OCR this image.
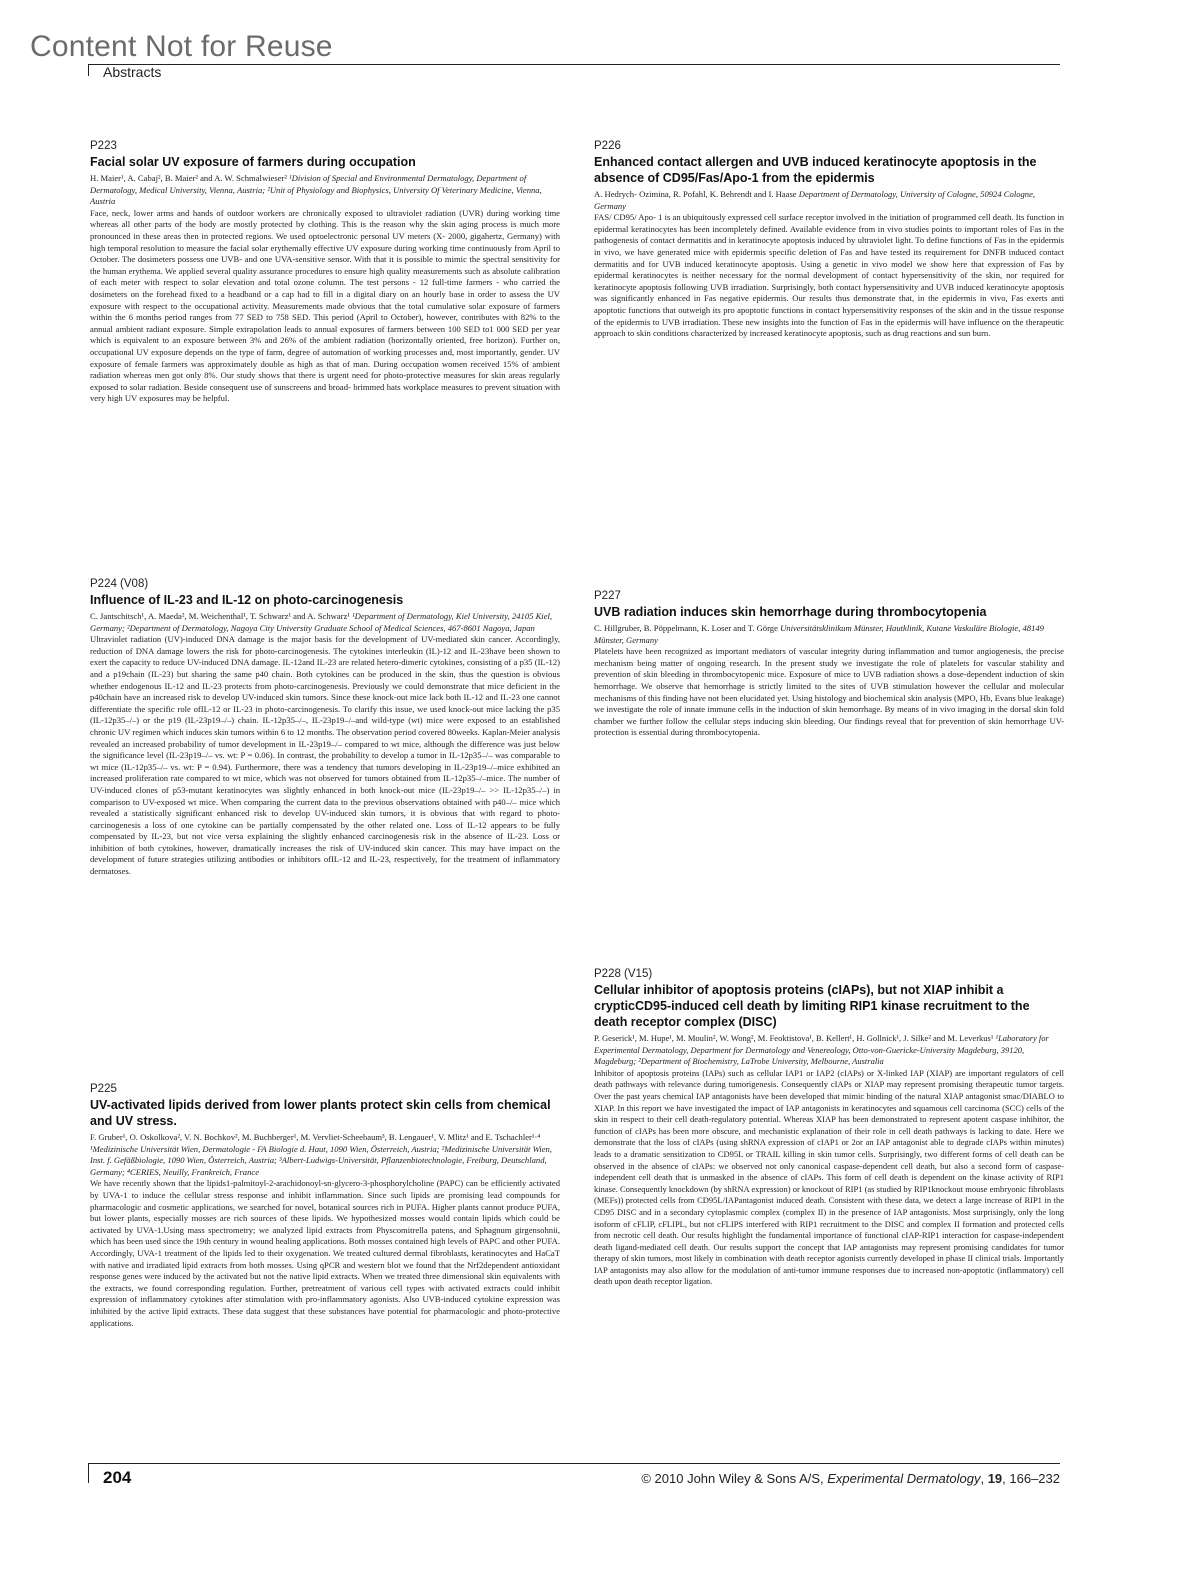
Content Not for Reuse
Abstracts
P223
Facial solar UV exposure of farmers during occupation
H. Maier¹, A. Cabaj², B. Maier² and A. W. Schmalwieser² ¹Division of Special and Environmental Dermatology, Department of Dermatology, Medical University, Vienna, Austria; ²Unit of Physiology and Biophysics, University Of Veterinary Medicine, Vienna, Austria
Face, neck, lower arms and hands of outdoor workers are chronically exposed to ultraviolet radiation (UVR) during working time whereas all other parts of the body are mostly protected by clothing. This is the reason why the skin aging process is much more pronounced in these areas then in protected regions. We used optoelectronic personal UV meters (X- 2000, gigahertz, Germany) with high temporal resolution to measure the facial solar erythemally effective UV exposure during working time continuously from April to October. The dosimeters possess one UVB- and one UVA-sensitive sensor. With that it is possible to mimic the spectral sensitivity for the human erythema. We applied several quality assurance procedures to ensure high quality measurements such as absolute calibration of each meter with respect to solar elevation and total ozone column. The test persons - 12 full-time farmers - who carried the dosimeters on the forehead fixed to a headband or a cap had to fill in a digital diary on an hourly base in order to assess the UV exposure with respect to the occupational activity. Measurements made obvious that the total cumulative solar exposure of farmers within the 6 months period ranges from 77 SED to 758 SED. This period (April to October), however, contributes with 82% to the annual ambient radiant exposure. Simple extrapolation leads to annual exposures of farmers between 100 SED to1 000 SED per year which is equivalent to an exposure between 3% and 26% of the ambient radiation (horizontally oriented, free horizon). Further on, occupational UV exposure depends on the type of farm, degree of automation of working processes and, most importantly, gender. UV exposure of female farmers was approximately double as high as that of man. During occupation women received 15% of ambient radiation whereas men got only 8%. Our study shows that there is urgent need for photo-protective measures for skin areas regularly exposed to solar radiation. Beside consequent use of sunscreens and broad- brimmed hats workplace measures to prevent situation with very high UV exposures may be helpful.
P224 (V08)
Influence of IL-23 and IL-12 on photo-carcinogenesis
C. Jantschitsch¹, A. Maeda², M. Weichenthal¹, T. Schwarz¹ and A. Schwarz¹ ¹Department of Dermatology, Kiel University, 24105 Kiel, Germany; ²Department of Dermatology, Nagoya City University Graduate School of Medical Sciences, 467-8601 Nagoya, Japan
Ultraviolet radiation (UV)-induced DNA damage is the major basis for the development of UV-mediated skin cancer. Accordingly, reduction of DNA damage lowers the risk for photo-carcinogenesis. The cytokines interleukin (IL)-12 and IL-23have been shown to exert the capacity to reduce UV-induced DNA damage. IL-12and IL-23 are related hetero-dimeric cytokines, consisting of a p35 (IL-12) and a p19chain (IL-23) but sharing the same p40 chain. Both cytokines can be produced in the skin, thus the question is obvious whether endogenous IL-12 and IL-23 protects from photo-carcinogenesis. Previously we could demonstrate that mice deficient in the p40chain have an increased risk to develop UV-induced skin tumors. Since these knock-out mice lack both IL-12 and IL-23 one cannot differentiate the specific role ofIL-12 or IL-23 in photo-carcinogenesis. To clarify this issue, we used knock-out mice lacking the p35 (IL-12p35–/–) or the p19 (IL-23p19–/–) chain. IL-12p35–/–, IL-23p19–/–and wild-type (wt) mice were exposed to an established chronic UV regimen which induces skin tumors within 6 to 12 months. The observation period covered 80weeks. Kaplan-Meier analysis revealed an increased probability of tumor development in IL-23p19–/– compared to wt mice, although the difference was just below the significance level (IL-23p19–/– vs. wt: P = 0.06). In contrast, the probability to develop a tumor in IL-12p35–/– was comparable to wt mice (IL-12p35–/– vs. wt: P = 0.94). Furthermore, there was a tendency that tumors developing in IL-23p19–/–mice exhibited an increased proliferation rate compared to wt mice, which was not observed for tumors obtained from IL-12p35–/–mice. The number of UV-induced clones of p53-mutant keratinocytes was slightly enhanced in both knock-out mice (IL-23p19–/– >> IL-12p35–/–) in comparison to UV-exposed wt mice. When comparing the current data to the previous observations obtained with p40–/– mice which revealed a statistically significant enhanced risk to develop UV-induced skin tumors, it is obvious that with regard to photo-carcinogenesis a loss of one cytokine can be partially compensated by the other related one. Loss of IL-12 appears to be fully compensated by IL-23, but not vice versa explaining the slightly enhanced carcinogenesis risk in the absence of IL-23. Loss or inhibition of both cytokines, however, dramatically increases the risk of UV-induced skin cancer. This may have impact on the development of future strategies utilizing antibodies or inhibitors ofIL-12 and IL-23, respectively, for the treatment of inflammatory dermatoses.
P225
UV-activated lipids derived from lower plants protect skin cells from chemical and UV stress.
F. Gruber¹, O. Oskolkova², V. N. Bochkov², M. Buchberger¹, M. Vervliet-Scheebaum³, B. Lengauer¹, V. Mlitz¹ and E. Tschachler¹·⁴ ¹Medizinische Universität Wien, Dermatologie - FA Biologie d. Haut, 1090 Wien, Österreich, Austria; ²Medizinische Universität Wien, Inst. f. Gefäßbiologie, 1090 Wien, Österreich, Austria; ³Albert-Ludwigs-Universität, Pflanzenbiotechnologie, Freiburg, Deutschland, Germany; ⁴CERIES, Neuilly, Frankreich, France
We have recently shown that the lipids1-palmitoyl-2-arachidonoyl-sn-glycero-3-phosphorylcholine (PAPC) can be efficiently activated by UVA-1 to induce the cellular stress response and inhibit inflammation. Since such lipids are promising lead compounds for pharmacologic and cosmetic applications, we searched for novel, botanical sources rich in PUFA. Higher plants cannot produce PUFA, but lower plants, especially mosses are rich sources of these lipids. We hypothesized mosses would contain lipids which could be activated by UVA-1.Using mass spectrometry; we analyzed lipid extracts from Physcomitrella patens, and Sphagnum girgensohnii, which has been used since the 19th century in wound healing applications. Both mosses contained high levels of PAPC and other PUFA. Accordingly, UVA-1 treatment of the lipids led to their oxygenation. We treated cultured dermal fibroblasts, keratinocytes and HaCaT with native and irradiated lipid extracts from both mosses. Using qPCR and western blot we found that the Nrf2dependent antioxidant response genes were induced by the activated but not the native lipid extracts. When we treated three dimensional skin equivalents with the extracts, we found corresponding regulation. Further, pretreatment of various cell types with activated extracts could inhibit expression of inflammatory cytokines after stimulation with pro-inflammatory agonists. Also UVB-induced cytokine expression was inhibited by the active lipid extracts. These data suggest that these substances have potential for pharmacologic and photo-protective applications.
P226
Enhanced contact allergen and UVB induced keratinocyte apoptosis in the absence of CD95/Fas/Apo-1 from the epidermis
A. Hedrych- Ozimina, R. Pofahl, K. Behrendt and I. Haase Department of Dermatology, University of Cologne, 50924 Cologne, Germany
FAS/ CD95/ Apo- 1 is an ubiquitously expressed cell surface receptor involved in the initiation of programmed cell death. Its function in epidermal keratinocytes has been incompletely defined. Available evidence from in vivo studies points to important roles of Fas in the pathogenesis of contact dermatitis and in keratinocyte apoptosis induced by ultraviolet light. To define functions of Fas in the epidermis in vivo, we have generated mice with epidermis specific deletion of Fas and have tested its requirement for DNFB induced contact dermatitis and for UVB induced keratinocyte apoptosis. Using a genetic in vivo model we show here that expression of Fas by epidermal keratinocytes is neither necessary for the normal development of contact hypersensitivity of the skin, nor required for keratinocyte apoptosis following UVB irradiation. Surprisingly, both contact hypersensitivity and UVB induced keratinocyte apoptosis was significantly enhanced in Fas negative epidermis. Our results thus demonstrate that, in the epidermis in vivo, Fas exerts anti apoptotic functions that outweigh its pro apoptotic functions in contact hypersensitivity responses of the skin and in the tissue response of the epidermis to UVB irradiation. These new insights into the function of Fas in the epidermis will have influence on the therapeutic approach to skin conditions characterized by increased keratinocyte apoptosis, such as drug reactions and sun burn.
P227
UVB radiation induces skin hemorrhage during thrombocytopenia
C. Hillgruber, B. Pöppelmann, K. Loser and T. Görge Universitätsklinikum Münster, Hautklinik, Kutane Vaskuläre Biologie, 48149 Münster, Germany
Platelets have been recognized as important mediators of vascular integrity during inflammation and tumor angiogenesis, the precise mechanism being matter of ongoing research. In the present study we investigate the role of platelets for vascular stability and prevention of skin bleeding in thrombocytopenic mice. Exposure of mice to UVB radiation shows a dose-dependent induction of skin hemorrhage. We observe that hemorrhage is strictly limited to the sites of UVB stimulation however the cellular and molecular mechanisms of this finding have not been elucidated yet. Using histology and biochemical skin analysis (MPO, Hb, Evans blue leakage) we investigate the role of innate immune cells in the induction of skin hemorrhage. By means of in vivo imaging in the dorsal skin fold chamber we further follow the cellular steps inducing skin bleeding. Our findings reveal that for prevention of skin hemorrhage UV-protection is essential during thrombocytopenia.
P228 (V15)
Cellular inhibitor of apoptosis proteins (cIAPs), but not XIAP inhibit a crypticCD95-induced cell death by limiting RIP1 kinase recruitment to the death receptor complex (DISC)
P. Geserick¹, M. Hupe¹, M. Moulin², W. Wong², M. Feoktistova¹, B. Kellert¹, H. Gollnick¹, J. Silke² and M. Leverkus¹ ¹Laboratory for Experimental Dermatology, Department for Dermatology and Venereology, Otto-von-Guericke-University Magdeburg, 39120, Magdeburg; ²Department of Biochemistry, LaTrobe University, Melbourne, Australia
Inhibitor of apoptosis proteins (IAPs) such as cellular IAP1 or IAP2 (cIAPs) or X-linked IAP (XIAP) are important regulators of cell death pathways with relevance during tumorigenesis. Consequently cIAPs or XIAP may represent promising therapeutic tumor targets. Over the past years chemical IAP antagonists have been developed that mimic binding of the natural XIAP antagonist smac/DIABLO to XIAP. In this report we have investigated the impact of IAP antagonists in keratinocytes and squamous cell carcinoma (SCC) cells of the skin in respect to their cell death-regulatory potential. Whereas XIAP has been demonstrated to represent apotent caspase inhibitor, the function of cIAPs has been more obscure, and mechanistic explanation of their role in cell death pathways is lacking to date. Here we demonstrate that the loss of cIAPs (using shRNA expression of cIAP1 or 2or an IAP antagonist able to degrade cIAPs within minutes) leads to a dramatic sensitization to CD95L or TRAIL killing in skin tumor cells. Surprisingly, two different forms of cell death can be observed in the absence of cIAPs: we observed not only canonical caspase-dependent cell death, but also a second form of caspase-independent cell death that is unmasked in the absence of cIAPs. This form of cell death is dependent on the kinase activity of RIP1 kinase. Consequently knockdown (by shRNA expression) or knockout of RIP1 (as studied by RIP1knockout mouse embryonic fibroblasts (MEFs)) protected cells from CD95L/IAPantagonist induced death. Consistent with these data, we detect a large increase of RIP1 in the CD95 DISC and in a secondary cytoplasmic complex (complex II) in the presence of IAP antagonists. Most surprisingly, only the long isoform of cFLIP, cFLIPL, but not cFLIPS interfered with RIP1 recruitment to the DISC and complex II formation and protected cells from necrotic cell death. Our results highlight the fundamental importance of functional cIAP-RIP1 interaction for caspase-independent death ligand-mediated cell death. Our results support the concept that IAP antagonists may represent promising candidates for tumor therapy of skin tumors, most likely in combination with death receptor agonists currently developed in phase II clinical trials. Importantly IAP antagonists may also allow for the modulation of anti-tumor immune responses due to increased non-apoptotic (inflammatory) cell death upon death receptor ligation.
204	© 2010 John Wiley & Sons A/S, Experimental Dermatology, 19, 166–232
